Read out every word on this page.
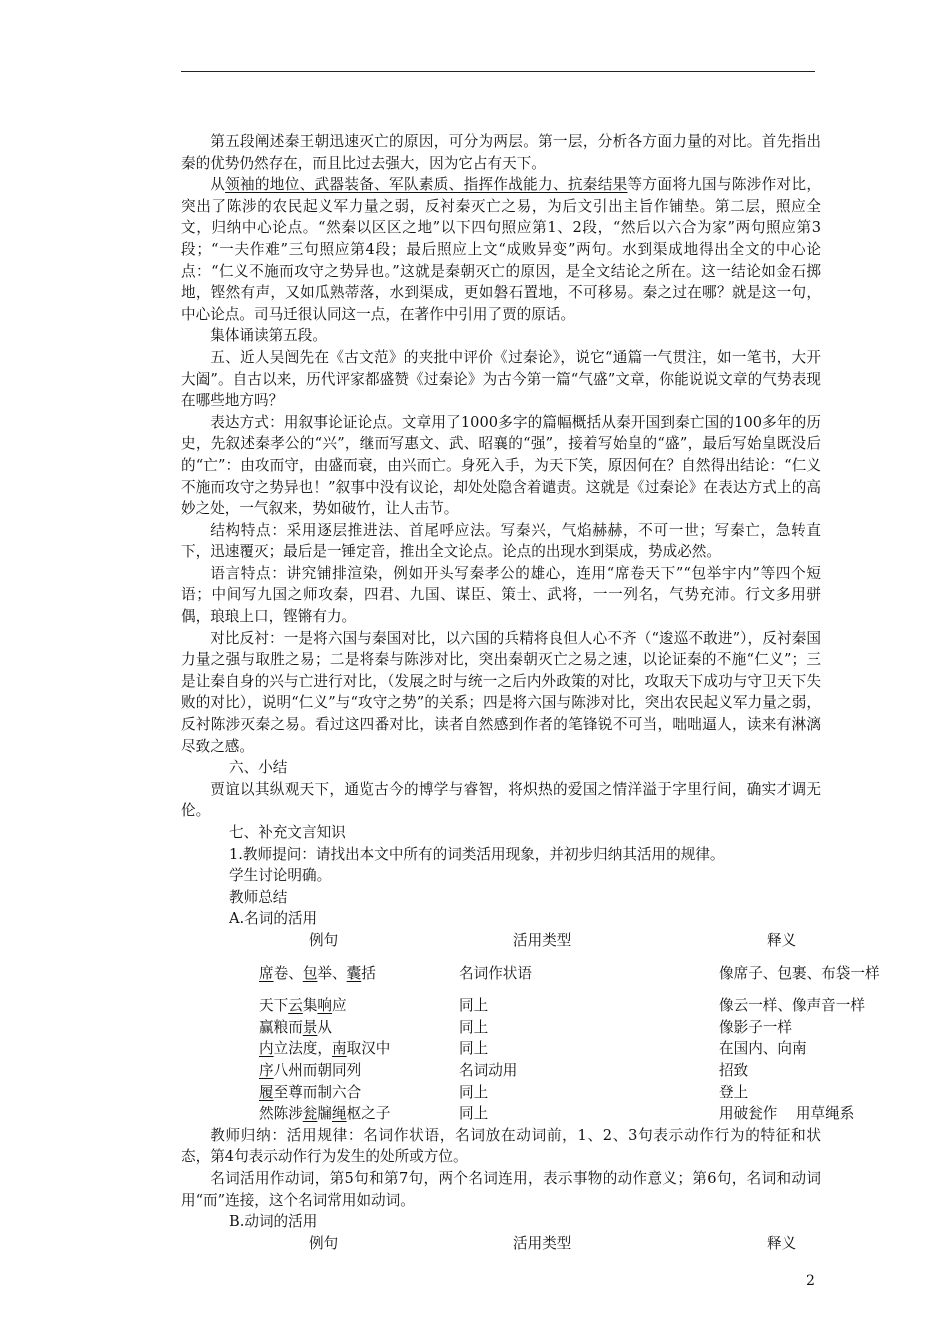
第五段阐述秦王朝迅速灭亡的原因，可分为两层。第一层，分析各方面力量的对比。首先指出秦的优势仍然存在，而且比过去强大，因为它占有天下。

从领袖的地位、武器装备、军队素质、指挥作战能力、抗秦结果等方面将九国与陈涉作对比，突出了陈涉的农民起义军力量之弱，反衬秦灭亡之易，为后文引出主旨作铺垫。第二层，照应全文，归纳中心论点。“然秦以区区之地”以下四句照应第1、2段，“然后以六合为家”两句照应第3段；“一夫作难”三句照应第4段；最后照应上文“成败异变”两句。水到渠成地得出全文的中心论点：“仁义不施而攻守之势异也。”这就是秦朝灭亡的原因，是全文结论之所在。这一结论如金石掷地，铿然有声，又如瓜熟蒂落，水到渠成，更如磐石置地，不可移易。秦之过在哪？就是这一句，中心论点。司马迁很认同这一点，在著作中引用了贾的原话。

集体诵读第五段。

五、近人吴闿先在《古文范》的夹批中评价《过秦论》，说它“通篇一气贯注，如一笔书，大开大阖”。自古以来，历代评家都盛赞《过秦论》为古今第一篇“气盛”文章，你能说说文章的气势表现在哪些地方吗？

表达方式：用叙事论证论点。文章用了1000多字的篇幅概括从秦开国到秦亡国的100多年的历史，先叙述秦孝公的“兴”，继而写惠文、武、昭襄的“强”，接着写始皇的“盛”，最后写始皇既没后的“亡”：由攻而守，由盛而衰，由兴而亡。身死入手，为天下笑，原因何在？自然得出结论：“仁义不施而攻守之势异也！”叙事中没有议论，却处处隐含着谴责。这就是《过秦论》在表达方式上的高妙之处，一气叙来，势如破竹，让人击节。

结构特点：采用逐层推进法、首尾呼应法。写秦兴，气焰赫赫，不可一世；写秦亡，急转直下，迅速覆灭；最后是一锤定音，推出全文论点。论点的出现水到渠成，势成必然。

语言特点：讲究铺排渲染，例如开头写秦孝公的雄心，连用“席卷天下”“包举宇内”等四个短语；中间写九国之师攻秦，四君、九国、谋臣、策士、武将，一一列名，气势充沛。行文多用骈偶，琅琅上口，铿锵有力。

对比反衬：一是将六国与秦国对比，以六国的兵精将良但人心不齐（“逡巡不敢进”），反衬秦国力量之强与取胜之易；二是将秦与陈涉对比，突出秦朝灭亡之易之速，以论证秦的不施“仁义”；三是让秦自身的兴与亡进行对比，（发展之时与统一之后内外政策的对比，攻取天下成功与守卫天下失败的对比），说明“仁义”与“攻守之势”的关系；四是将六国与陈涉对比，突出农民起义军力量之弱，反衬陈涉灭秦之易。看过这四番对比，读者自然感到作者的笔锋锐不可当，咄咄逼人，读来有淋漓尽致之感。

六、小结

贾谊以其纵观天下，通览古今的博学与睿智，将炽热的爱国之情洋溢于字里行间，确实才调无伦。

七、补充文言知识

1.教师提问：请找出本文中所有的词类活用现象，并初步归纳其活用的规律。

学生讨论明确。

教师总结

A.名词的活用

例句	活用类型	释义
席卷、包举、囊括	名词作状语	像席子、包裹、布袋一样
天下云集响应	同上	像云一样、像声音一样
赢粮而景从	同上	像影子一样
内立法度，南取汉中	同上	在国内、向南
序八州而朝同列	名词动用	招致
履至尊而制六合	同上	登上
然陈涉瓮牖绳枢之子	同上	用破瓮作    用草绳系

教师归纳：活用规律：名词作状语，名词放在动词前，1、2、3句表示动作行为的特征和状态，第4句表示动作行为发生的处所或方位。

名词活用作动词，第5句和第7句，两个名词连用，表示事物的动作意义；第6句，名词和动词用“而”连接，这个名词常用如动词。

B.动词的活用

例句	活用类型	释义
2
